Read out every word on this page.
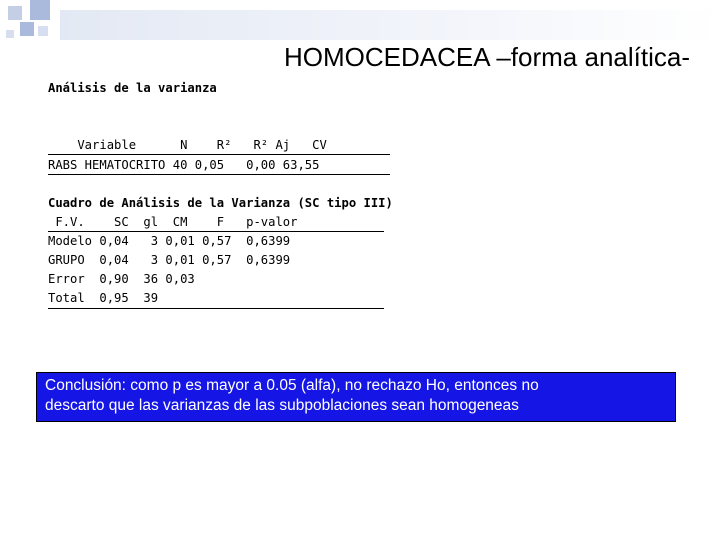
HOMOCEDACEA –forma analítica-
Análisis de la varianza
Variable      N    R²   R² Aj   CV
RABS HEMATOCRITO 40 0,05   0,00 63,55
Cuadro de Análisis de la Varianza (SC tipo III)
F.V.    SC  gl  CM    F   p-valor
Modelo 0,04   3 0,01 0,57  0,6399
GRUPO  0,04   3 0,01 0,57  0,6399
Error  0,90  36 0,03
Total  0,95  39
Conclusión: como p es mayor a 0.05 (alfa), no rechazo Ho, entonces no
descarto que las varianzas de las subpoblaciones sean homogeneas
